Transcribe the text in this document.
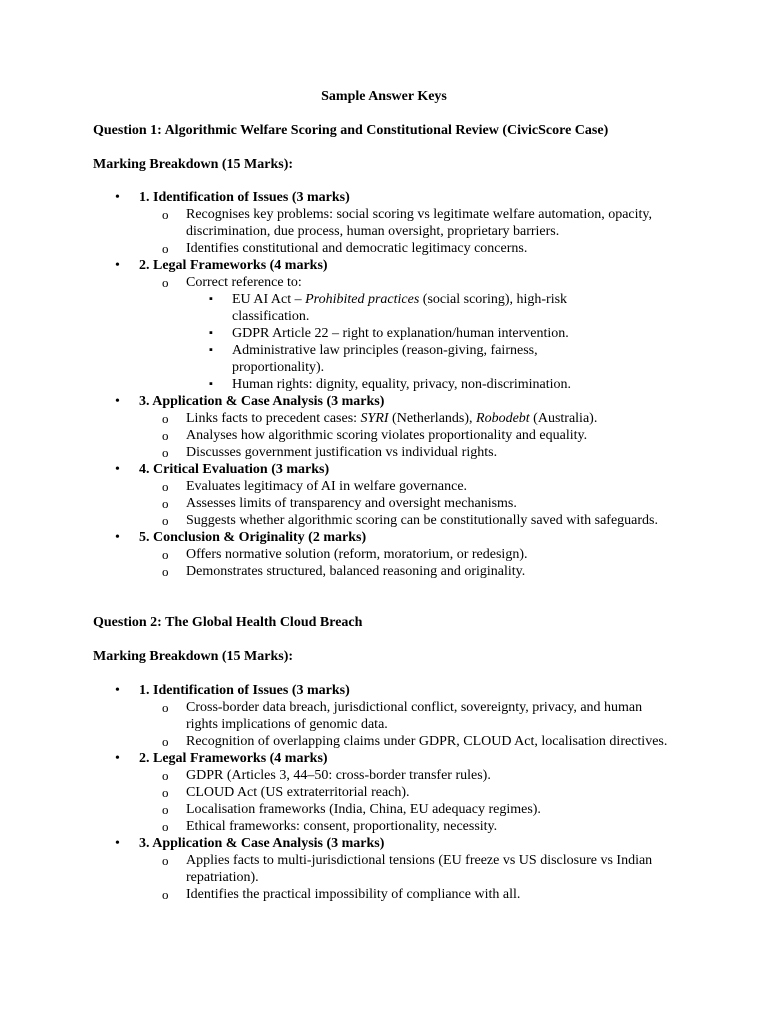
Sample Answer Keys
Question 1: Algorithmic Welfare Scoring and Constitutional Review (CivicScore Case)
Marking Breakdown (15 Marks):
• 1. Identification of Issues (3 marks)
o Recognises key problems: social scoring vs legitimate welfare automation, opacity, discrimination, due process, human oversight, proprietary barriers.
o Identifies constitutional and democratic legitimacy concerns.
• 2. Legal Frameworks (4 marks)
o Correct reference to:
▪ EU AI Act – Prohibited practices (social scoring), high-risk classification.
▪ GDPR Article 22 – right to explanation/human intervention.
▪ Administrative law principles (reason-giving, fairness, proportionality).
▪ Human rights: dignity, equality, privacy, non-discrimination.
• 3. Application & Case Analysis (3 marks)
o Links facts to precedent cases: SYRI (Netherlands), Robodebt (Australia).
o Analyses how algorithmic scoring violates proportionality and equality.
o Discusses government justification vs individual rights.
• 4. Critical Evaluation (3 marks)
o Evaluates legitimacy of AI in welfare governance.
o Assesses limits of transparency and oversight mechanisms.
o Suggests whether algorithmic scoring can be constitutionally saved with safeguards.
• 5. Conclusion & Originality (2 marks)
o Offers normative solution (reform, moratorium, or redesign).
o Demonstrates structured, balanced reasoning and originality.
Question 2: The Global Health Cloud Breach
Marking Breakdown (15 Marks):
• 1. Identification of Issues (3 marks)
o Cross-border data breach, jurisdictional conflict, sovereignty, privacy, and human rights implications of genomic data.
o Recognition of overlapping claims under GDPR, CLOUD Act, localisation directives.
• 2. Legal Frameworks (4 marks)
o GDPR (Articles 3, 44–50: cross-border transfer rules).
o CLOUD Act (US extraterritorial reach).
o Localisation frameworks (India, China, EU adequacy regimes).
o Ethical frameworks: consent, proportionality, necessity.
• 3. Application & Case Analysis (3 marks)
o Applies facts to multi-jurisdictional tensions (EU freeze vs US disclosure vs Indian repatriation).
o Identifies the practical impossibility of compliance with all.
